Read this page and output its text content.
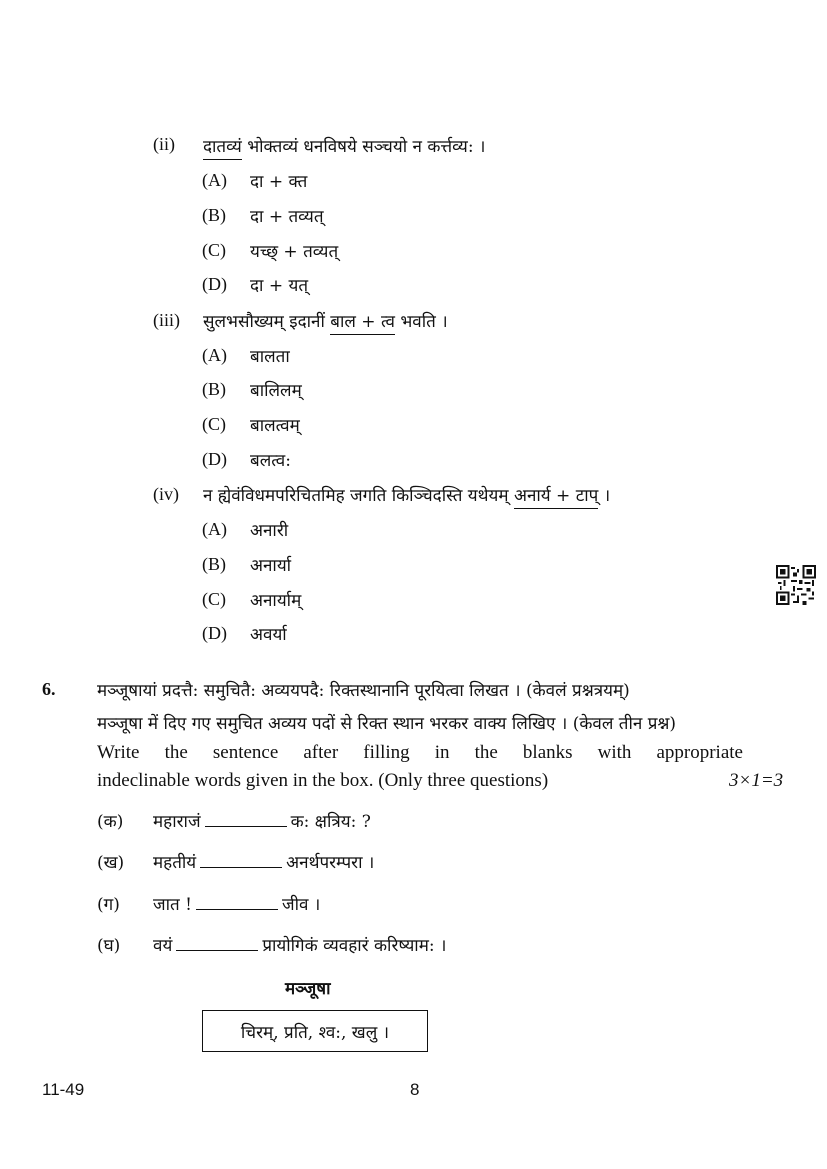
(ii) दातव्यं भोक्तव्यं धनविषये सञ्चयो न कर्त्तव्य: ।
(A) दा + क्त
(B) दा + तव्यत्
(C) यच्छ् + तव्यत्
(D) दा + यत्
(iii) सुलभसौख्यम् इदानीं बाल + त्व भवति ।
(A) बालता
(B) बालिलम्
(C) बालत्वम्
(D) बलत्व:
(iv) न ह्येवंविधमपरिचितमिह जगति किञ्चिदस्ति यथेयम् अनार्य + टाप् ।
(A) अनारी
(B) अनार्या
(C) अनार्याम्
(D) अवर्या
6. मञ्जूषायां प्रदत्तै: समुचितै: अव्ययपदै: रिक्तस्थानानि पूरयित्वा लिखत । (केवलं प्रश्नत्रयम्)
मञ्जूषा में दिए गए समुचित अव्यय पदों से रिक्त स्थान भरकर वाक्य लिखिए । (केवल तीन प्रश्न)
Write the sentence after filling in the blanks with appropriate
indeclinable words given in the box. (Only three questions)	3×1=3
(क) महाराजं	क: क्षत्रिय: ?
(ख) महतीयं	अनर्थपरम्परा ।
(ग) जात !	जीव ।
(घ) वयं	प्रायोगिकं व्यवहारं करिष्याम: ।
मञ्जूषा
चिरम्, प्रति, श्व:, खलु ।
11-49	8
